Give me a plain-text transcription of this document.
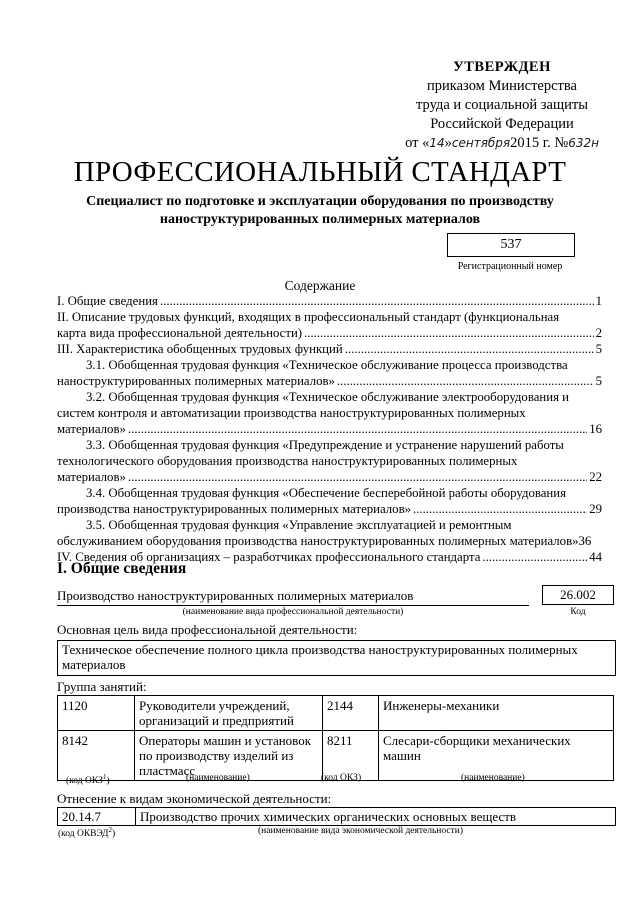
УТВЕРЖДЕН
приказом Министерства
труда и социальной защиты
Российской Федерации
от «14»сентября2015 г. №632н
ПРОФЕССИОНАЛЬНЫЙ СТАНДАРТ
Специалист по подготовке и эксплуатации оборудования по производству
наноструктурированных полимерных материалов
537
Регистрационный номер
Содержание
I. Общие сведения .....	1
II. Описание трудовых функций, входящих в профессиональный стандарт (функциональная
карта вида профессиональной деятельности) .....	2
III. Характеристика обобщенных трудовых функций .....	5
3.1. Обобщенная трудовая функция «Техническое обслуживание процесса производства
наноструктурированных полимерных материалов» .....	5
3.2. Обобщенная трудовая функция «Техническое обслуживание электрооборудования и
систем контроля и автоматизации производства наноструктурированных полимерных
материалов» .....	16
3.3. Обобщенная трудовая функция «Предупреждение и устранение нарушений работы
технологического оборудования производства наноструктурированных полимерных
материалов» .....	22
3.4. Обобщенная трудовая функция «Обеспечение бесперебойной работы оборудования
производства наноструктурированных полимерных материалов» .....	29
3.5. Обобщенная трудовая функция «Управление эксплуатацией и ремонтным
обслуживанием оборудования производства наноструктурированных полимерных материалов» 36
IV. Сведения об организациях – разработчиках профессионального стандарта .....	44
I. Общие сведения
Производство наноструктурированных полимерных материалов
(наименование вида профессиональной деятельности)
26.002
Код
Основная цель вида профессиональной деятельности:
Техническое обеспечение полного цикла производства наноструктурированных полимерных
материалов
Группа занятий:
1120	Руководители учреждений,
организаций и предприятий	2144	Инженеры-механики
8142	Операторы машин и установок
по производству изделий из
пластмасс	8211	Слесари-сборщики механических машин
(код ОКЗ$^1$)	(наименование)	(код ОКЗ)	(наименование)
Отнесение к видам экономической деятельности:
20.14.7	Производство прочих химических органических основных веществ
(код ОКВЭД$^2$)	(наименование вида экономической деятельности)
